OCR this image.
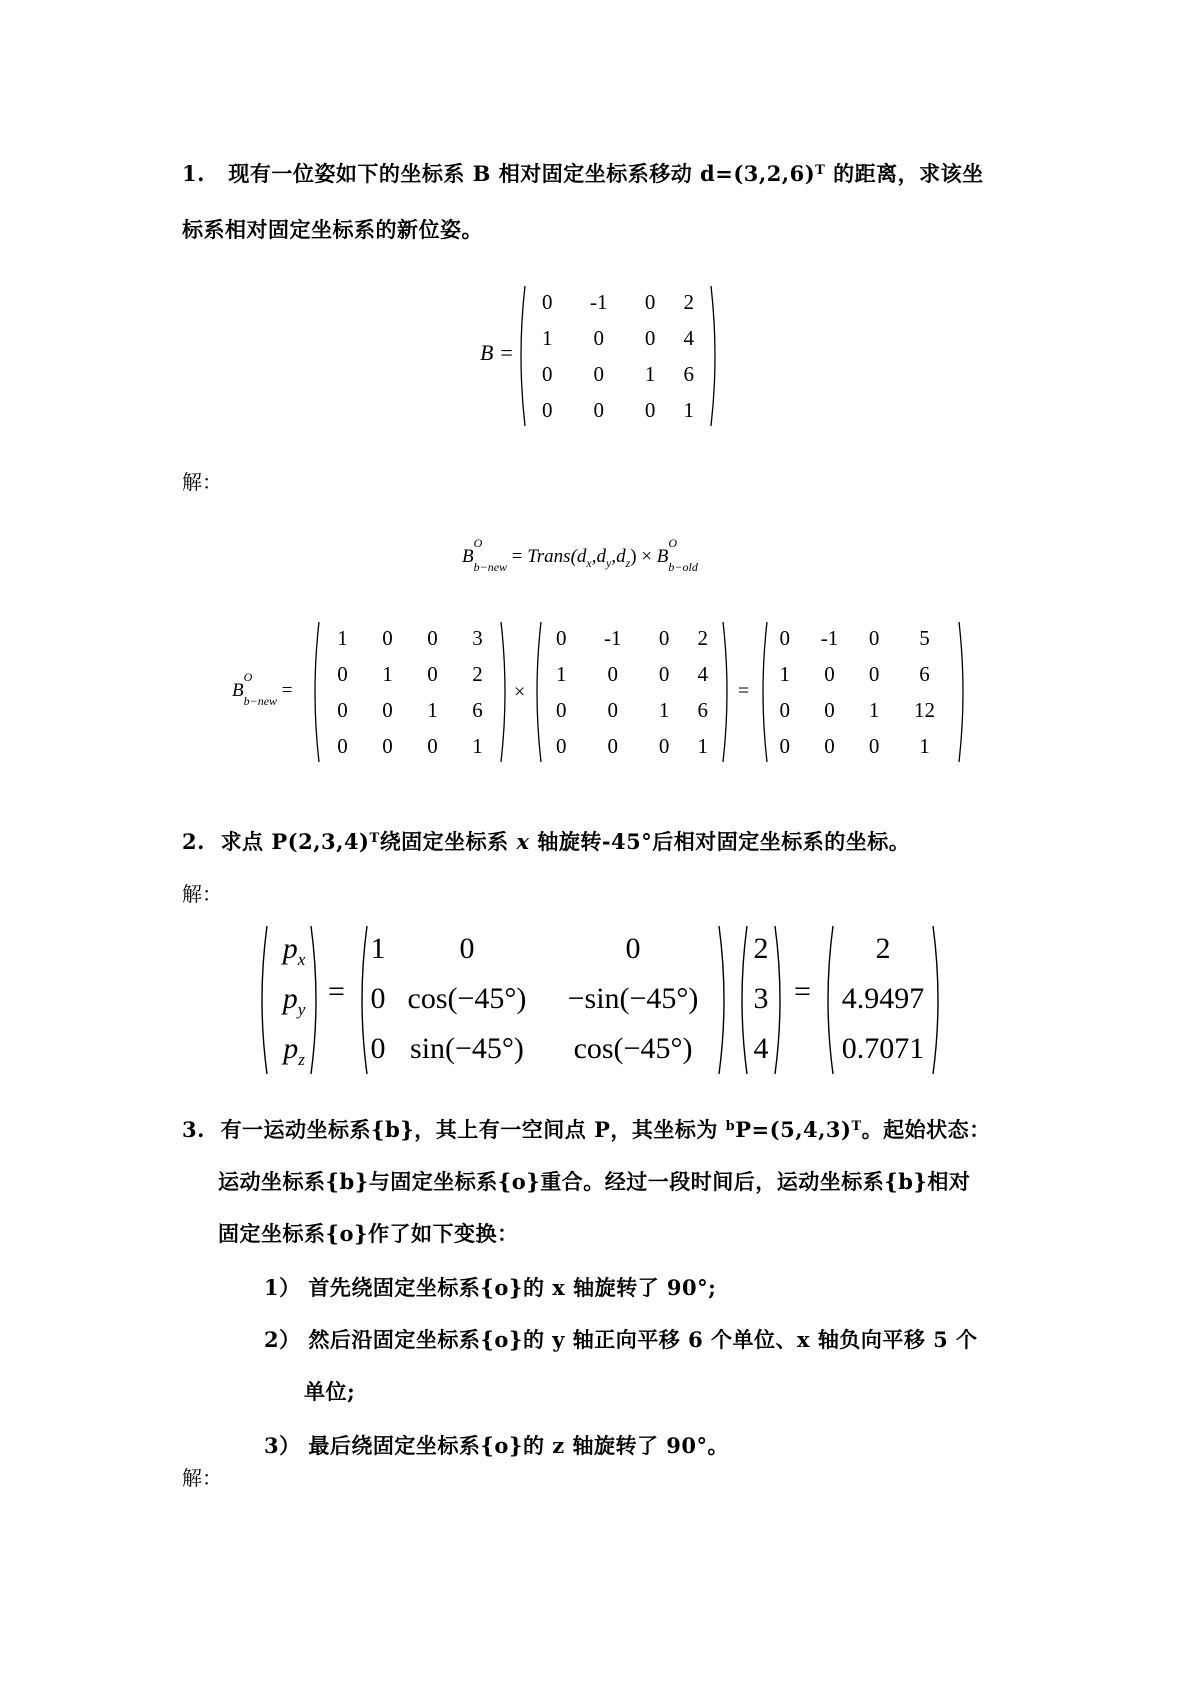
1. 现有一位姿如下的坐标系 B 相对固定坐标系移动 $d=(3,2,6)^T$ 的距离，求该坐
标系相对固定坐标系的新位姿。
B =
0	-1	0	2
1	0	0	4
0	0	1	6
0	0	0	1
解：
B
O
$_{b-new} = Trans(d_x,d_y,d_z) \times B$
O
$_{b-old}$
B
O
$_{b-new}$ =
1	0	0	3
0	1	0	2
0	0	1	6
0	0	0	1
×
0	-1	0	2
1	0	0	4
0	0	1	6
0	0	0	1
=
0	-1	0	5
1	0	0	6
0	0	1	12
0	0	0	1
2. 求点 $P(2,3,4)^T$绕固定坐标系 x 轴旋转-45°后相对固定坐标系的坐标。
解：
$p_x$
$p_y$
$p_z$
=
1	0	0
0	cos(−45°)	−sin(−45°)
0	sin(−45°)	cos(−45°)
2
3
4
=
2
4.9497
0.7071
3. 有一运动坐标系{b}，其上有一空间点 P，其坐标为 $^bP=(5,4,3)^T$。起始状态：
运动坐标系{b}与固定坐标系{o}重合。经过一段时间后，运动坐标系{b}相对
固定坐标系{o}作了如下变换：
1） 首先绕固定坐标系{o}的 x 轴旋转了 90°;
2） 然后沿固定坐标系{o}的 y 轴正向平移 6 个单位、x 轴负向平移 5 个
单位;
3） 最后绕固定坐标系{o}的 z 轴旋转了 90°。
解：
